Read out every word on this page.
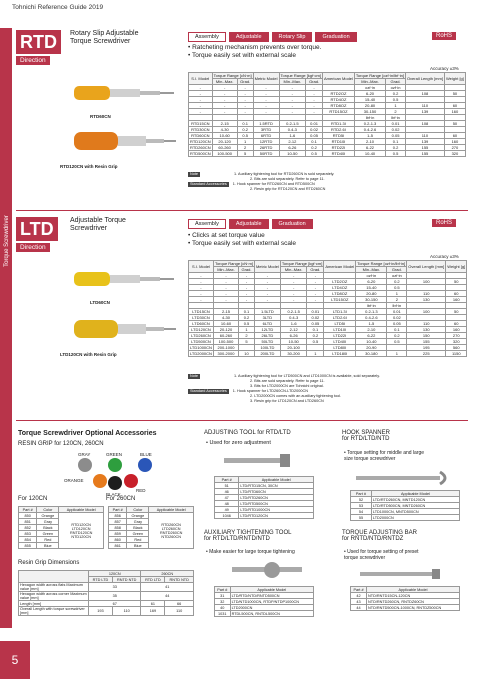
Tohnichi Reference Guide 2019
Torque Screwdriver
5
RTD	Rotary Slip Adjustable
Torque Screwdriver
Direction
Assembly	Adjustable	Rotary Slip	Graduation	RoHS
• Ratcheting mechanism prevents over torque.
• Torque easily set with external scale
Accuracy ±3%
RTD60CN
RTD120CN with Resin Grip
S.I. Model	Torque Range [cN·m]		Metric Model	Torque Range [kgf·cm]		American Model	Torque Range [ozf·in/lbf·in]		Overall Length [mm]	Weight [g]
	Min.-Max.	Grad.		Min.-Max.	Grad.		Min.-Max.	Grad.		
-	-	-	-	-	-		ozf·in	ozf·in		
-	-	-	-	-	-	RTD2OZ	6-20	0.2	108	50
-	-	-	-	-	-	RTD4OZ	15-40	0.5		
-	-	-	-	-	-	RTD8OZ	20-80	1	110	60
-	-	-	-	-	-	RTD15OZ	30-150	2	139	160
							lbf·in	lbf·in		
RTD15CN	2-15	0.1	1.5RTD	0.2-1.5	0.01	RTD1.3I	0.2-1.3	0.01	108	50
RTD30CN	4-30	0.2	3RTD	0.4-3	0.02	RTD2.6I	0.4-2.6	0.02		
RTD60CN	10-60	0.5	6RTD	1-6	0.05	RTD5I	1-5	0.05	110	60
RTD120CN	20-120	1	12RTD	2-12	0.1	RTD10I	2-10	0.1	139	160
RTD260CN	60-260	2	26RTD	6-26	0.2	RTD22I	6-22	0.2	155	270
RTD500CN	100-500	5	50RTD	10-50	0.5	RTD40I	10-40	0.5	155	320
Note	1. Auxiliary tightening tool for RTD260CN is sold separately.
2. Bits are sold separately. Refer to page 11.
Standard Accessories 1. Hook spanner for RTD260CN and RTD500CN
2. Resin grip for RTD120CN and RTD260CN
LTD	Adjustable Torque
Screwdriver
Direction
Assembly	Adjustable	Graduation	RoHS
• Clicks at set torque value
• Torque easily set with external scale
Accuracy ±3%
LTD60CN
LTD120CN with Resin Grip
S.I. Model	Torque Range [cN·m]		Metric Model	Torque Range [kgf·cm]		American Model	Torque Range [ozf·in/lbf·in]		Overall Length [mm]	Weight [g]
	Min.-Max.	Grad.		Min.-Max.	Grad.		Min.-Max.	Grad.		
-	-	-	-	-	-		ozf·in	ozf·in		
-	-	-	-	-	-	LTD2OZ	6-20	0.2	100	50
-	-	-	-	-	-	LTD4OZ	15-40	0.5		
-	-	-	-	-	-	LTD8OZ	20-80	1	110	60
-	-	-	-	-	-	LTD15OZ	30-150	2	130	160
							lbf·in	lbf·in		
LTD15CN	2-15	0.1	1.5LTD	0.2-1.5	0.01	LTD1.3I	0.2-1.3	0.01	100	50
LTD30CN	4-30	0.2	3LTD	0.4-3	0.02	LTD2.6I	0.4-2.6	0.02		
LTD60CN	10-60	0.5	6LTD	1-6	0.05	LTD5I	1-5	0.05	110	60
LTD120CN	20-120	1	12LTD	2-12	0.1	LTD10I	2-10	0.1	130	160
LTD260CN	60-260	2	26LTD	6-26	0.2	LTD22I	6-22	0.2	150	270
LTD500CN	100-500	5	50LTD	10-50	0.5	LTD40I	10-40	0.5	155	320
LTD1000CN	200-1000		100LTD	20-100		LTD80I	20-90		195	560
LTD2000CN	300-2000	10	200LTD	30-200	1	LTD180I	30-180	1	225	1150
Note	1. Auxiliary tightening tool for LTD500CN and LTD1000CN is available, sold separately.
2. Bits are sold separately. Refer to page 11.
3. Bits for LTD2000CN are Tohnichi original.
Standard Accessories 1. Hook spanner for LTD260CN-LTD2000CN
2. LTD2000CN comes with an auxiliary tightening tool.
3. Resin grip for LTD120CN and LTD260CN
Torque Screwdriver Optional Accessories
RESIN GRIP for 120CN, 260CN
GRAY	GREEN	BLUE
ORANGE
BLACK
RED
For 120CN	For 260CN
Part #	Color	Applicable Model
850	Orange	RTD120CN
LTD120CN
RNTD120CN
NTD120CN

851	Gray	
852	Black	
853	Green	
854	Red	
855	Blue	
Part #	Color	Applicable Model
856	Orange	RTD260CN
LTD260CN
RNTD260CN
NTD260CN

857	Gray	
858	Black	
859	Green	
860	Red	
861	Blue	
Resin Grip Dimensions
	120CN		260CN	
	RTD LTD	RNTD NTD	RTD LTD	RNTD NTD
Hexagon width across flats Maximum value [mm]	33		41	
Hexagon width across corner Maximum value [mm]	35		44	
Length [mm]	67		61	66
Overall Length with torque screwdriver [mm]	193	110	169	110
ADJUSTING TOOL for RTD/LTD
• Used for zero adjustment
Part #	Applicable Model
51	LTD/RTD15CN, 30CN
46	LTD/RTD60CN
47	LTD/RTD260CN
48	LTD/RTD500CN
49	LTD/RTD1000CN
1046	LTD/RTD120CN
AUXILIARY TIGHTENING TOOL
for RTD/LTD/RNTD/NTD
• Make easier for large torque tightening
Part #	Applicable Model
31	LTD/RTD/NTD/RNTD500CN
32	LTD/NTD1000CN, RTDP/NTDP1000CN
40	LTD2000CN
1031	RTDL500CN, RNTDL500CN
HOOK SPANNER
for RTD/LTD/NTD
• Torque setting for middle and large
size torque screwdriver
Part #	Applicable Model
52	LTD/RTD260CN, MNTD120CN
53	LTD/RTD500CN, MNTD260CN
54	LTD1000CN, MNTD500CN
55	LTD2000CN
TORQUE ADJUSTING BAR
for RNTD/NTD/RNTDZ
• Used for torque setting of preset
torque screwdriver
Part #	Applicable Model
42	NTD/RNTD15CN-120CN
43	NTD/RNTD260CN, RNTDZ60CN
44	NTD/RNTD500CN-1000CN, RNTDZ500CN
